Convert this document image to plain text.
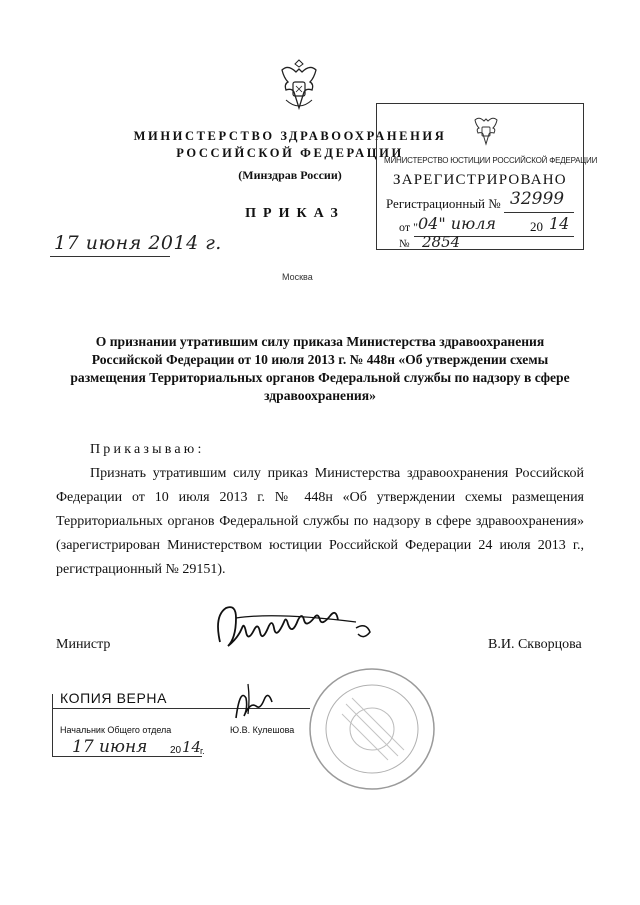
МИНИСТЕРСТВО ЗДРАВООХРАНЕНИЯ
РОССИЙСКОЙ ФЕДЕРАЦИИ
(Минздрав России)
ПРИКАЗ
17 июня 2014 г.
Москва
МИНИСТЕРСТВО ЮСТИЦИИ РОССИЙСКОЙ ФЕДЕРАЦИИ
ЗАРЕГИСТРИРОВАНО
Регистрационный № 32999
от " 04" июля	20 14
№ 2854
О признании утратившим силу приказа Министерства здравоохранения Российской Федерации от 10 июля 2013 г. № 448н «Об утверждении схемы размещения Территориальных органов Федеральной службы по надзору в сфере здравоохранения»
Приказываю:
Признать утратившим силу приказ Министерства здравоохранения Российской Федерации от 10 июля 2013 г. № 448н «Об утверждении схемы размещения Территориальных органов Федеральной службы по надзору в сфере здравоохранения» (зарегистрирован Министерством юстиции Российской Федерации 24 июля 2013 г., регистрационный № 29151).
Министр	В.И. Скворцова
КОПИЯ ВЕРНА
Начальник Общего отдела	Ю.В. Кулешова
17 июня 20 14
г.
